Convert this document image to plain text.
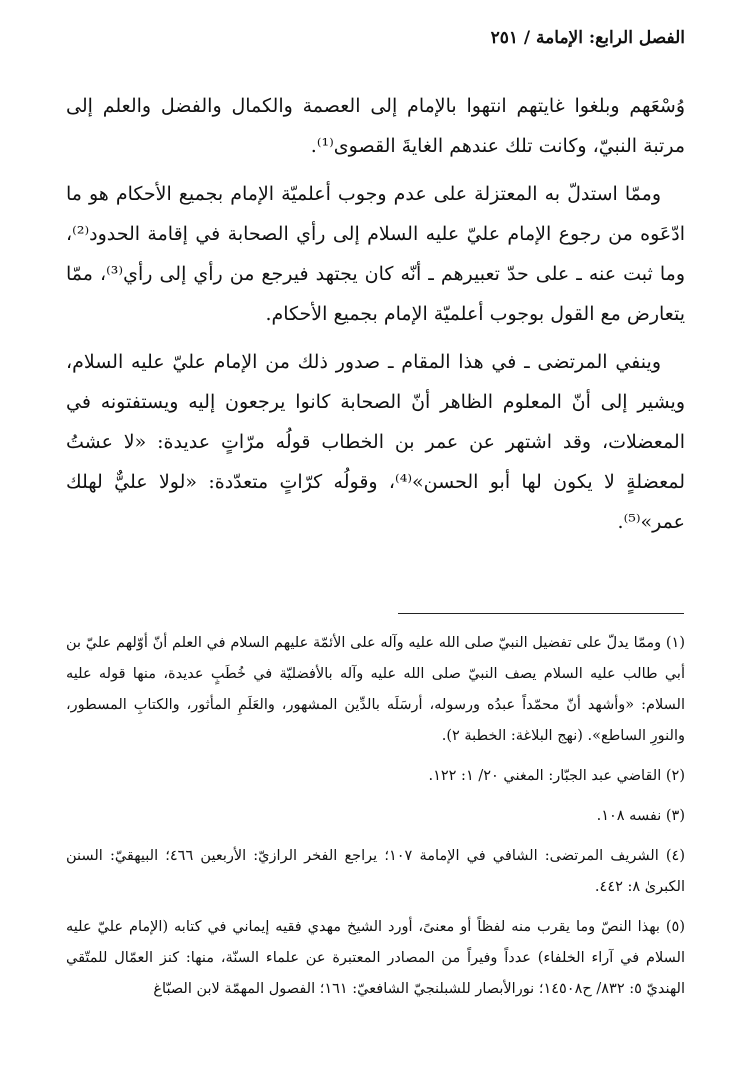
الفصل الرابع: الإمامة / ٢٥١

وُسْعَهم وبلغوا غايتهم انتهوا بالإمام إلى العصمة والكمال والفضل والعلم إلى مرتبة النبيّ، وكانت تلك عندهم الغايةَ القصوى⁽¹⁾.

وممّا استدلّ به المعتزلة على عدم وجوب أعلميّة الإمام بجميع الأحكام هو ما ادّعَوه من رجوع الإمام عليّ عليه السلام إلى رأي الصحابة في إقامة الحدود⁽²⁾، وما ثبت عنه ـ على حدّ تعبيرهم ـ أنّه كان يجتهد فيرجع من رأي إلى رأي⁽³⁾، ممّا يتعارض مع القول بوجوب أعلميّة الإمام بجميع الأحكام.

وينفي المرتضى ـ في هذا المقام ـ صدور ذلك من الإمام عليّ عليه السلام، ويشير إلى أنّ المعلوم الظاهر أنّ الصحابة كانوا يرجعون إليه ويستفتونه في المعضلات، وقد اشتهر عن عمر بن الخطاب قولُه مرّاتٍ عديدة: «لا عشتُ لمعضلةٍ لا يكون لها أبو الحسن»⁽⁴⁾، وقولُه كرّاتٍ متعدّدة: «لولا عليٌّ لهلك عمر»⁽⁵⁾.

(١) وممّا يدلّ على تفضيل النبيّ صلى الله عليه وآله على الأئمّة عليهم السلام في العلم أنّ أوّلهم عليّ بن أبي طالب عليه السلام يصف النبيّ صلى الله عليه وآله بالأفضليّة في خُطَبٍ عديدة، منها قوله عليه السلام: «وأشهد أنّ محمّداً عبدُه ورسوله، أرسَلَه بالدِّين المشهور، والعَلَمِ المأثور، والكتابِ المسطور، والنورِ الساطع». (نهج البلاغة: الخطبة ٢).

(٢) القاضي عبد الجبّار: المغني ٢٠/ ١: ١٢٢.

(٣) نفسه ١٠٨.

(٤) الشريف المرتضى: الشافي في الإمامة ١٠٧؛ يراجع الفخر الرازيّ: الأربعين ٤٦٦؛ البيهقيّ: السنن الكبرىٰ ٨: ٤٤٢.

(٥) بهذا النصّ وما يقرب منه لفظاً أو معنىً، أورد الشيخ مهدي فقيه إيماني في كتابه (الإمام عليّ عليه السلام في آراء الخلفاء) عدداً وفيراً من المصادر المعتبرة عن علماء السنّة، منها: كنز العمّال للمتّقي الهنديّ ٥: ٨٣٢/ ح١٤٥٠٨؛ نورالأبصار للشبلنجيّ الشافعيّ: ١٦١؛ الفصول المهمّة لابن الصبّاغ
